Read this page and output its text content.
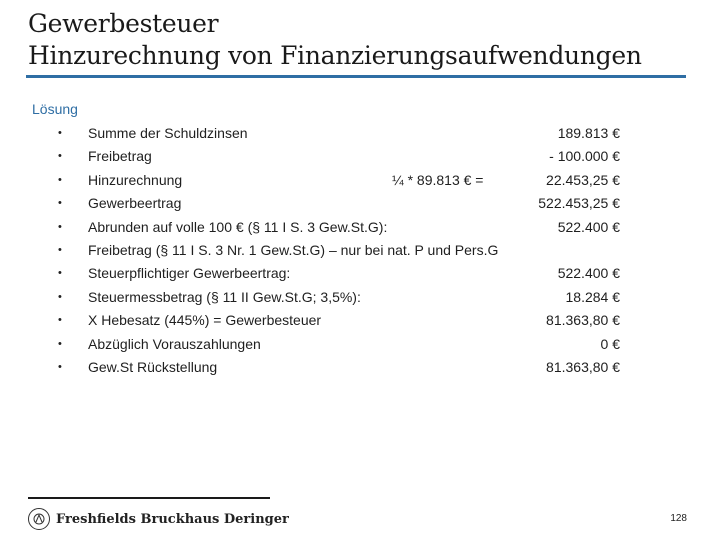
Gewerbesteuer
Hinzurechnung von Finanzierungsaufwendungen
Lösung
• Summe der Schuldzinsen	189.813 €
• Freibetrag	- 100.000 €
• Hinzurechnung	¼ * 89.813 € =	22.453,25 €
• Gewerbeertrag	522.453,25 €
• Abrunden auf volle 100 € (§ 11 I S. 3 Gew.St.G):	522.400 €
• Freibetrag (§ 11 I S. 3 Nr. 1 Gew.St.G) – nur bei nat. P und Pers.G
• Steuerpflichtiger Gewerbeertrag:	522.400 €
• Steuermessbetrag (§ 11 II Gew.St.G; 3,5%):	18.284 €
• X Hebesatz (445%) = Gewerbesteuer	81.363,80 €
• Abzüglich Vorauszahlungen	0 €
• Gew.St Rückstellung	81.363,80 €
Freshfields Bruckhaus Deringer	128
